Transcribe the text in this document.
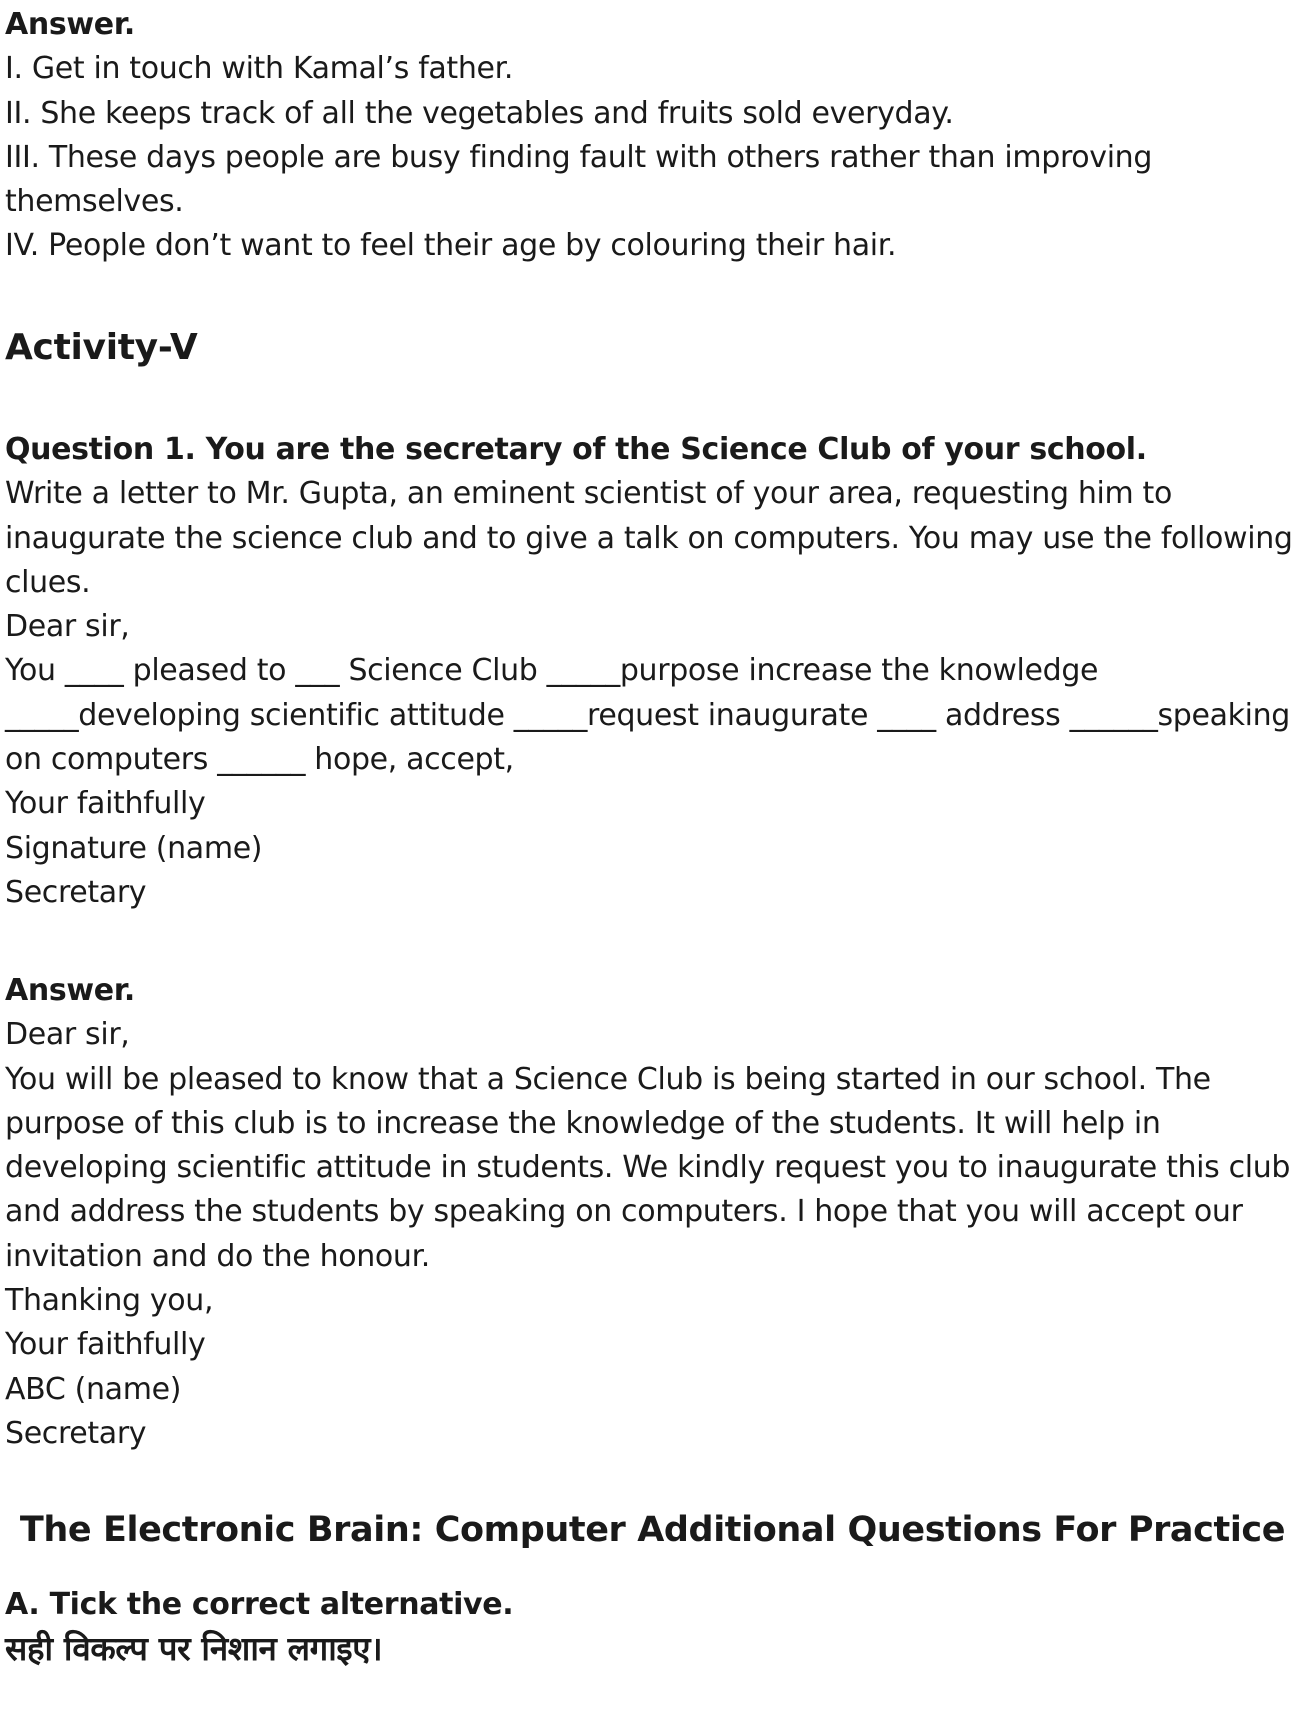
Answer.
I. Get in touch with Kamal’s father.
II. She keeps track of all the vegetables and fruits sold everyday.
III. These days people are busy finding fault with others rather than improving
themselves.
IV. People don’t want to feel their age by colouring their hair.
Activity-V
Question 1. You are the secretary of the Science Club of your school.
Write a letter to Mr. Gupta, an eminent scientist of your area, requesting him to
inaugurate the science club and to give a talk on computers. You may use the following
clues.
Dear sir,
You ____ pleased to ___ Science Club _____purpose increase the knowledge
_____developing scientific attitude _____request inaugurate ____ address ______speaking
on computers ______ hope, accept,
Your faithfully
Signature (name)
Secretary
Answer.
Dear sir,
You will be pleased to know that a Science Club is being started in our school. The
purpose of this club is to increase the knowledge of the students. It will help in
developing scientific attitude in students. We kindly request you to inaugurate this club
and address the students by speaking on computers. I hope that you will accept our
invitation and do the honour.
Thanking you,
Your faithfully
ABC (name)
Secretary
The Electronic Brain: Computer Additional Questions For Practice
A. Tick the correct alternative.
सही विकल्प पर निशान लगाइए।
